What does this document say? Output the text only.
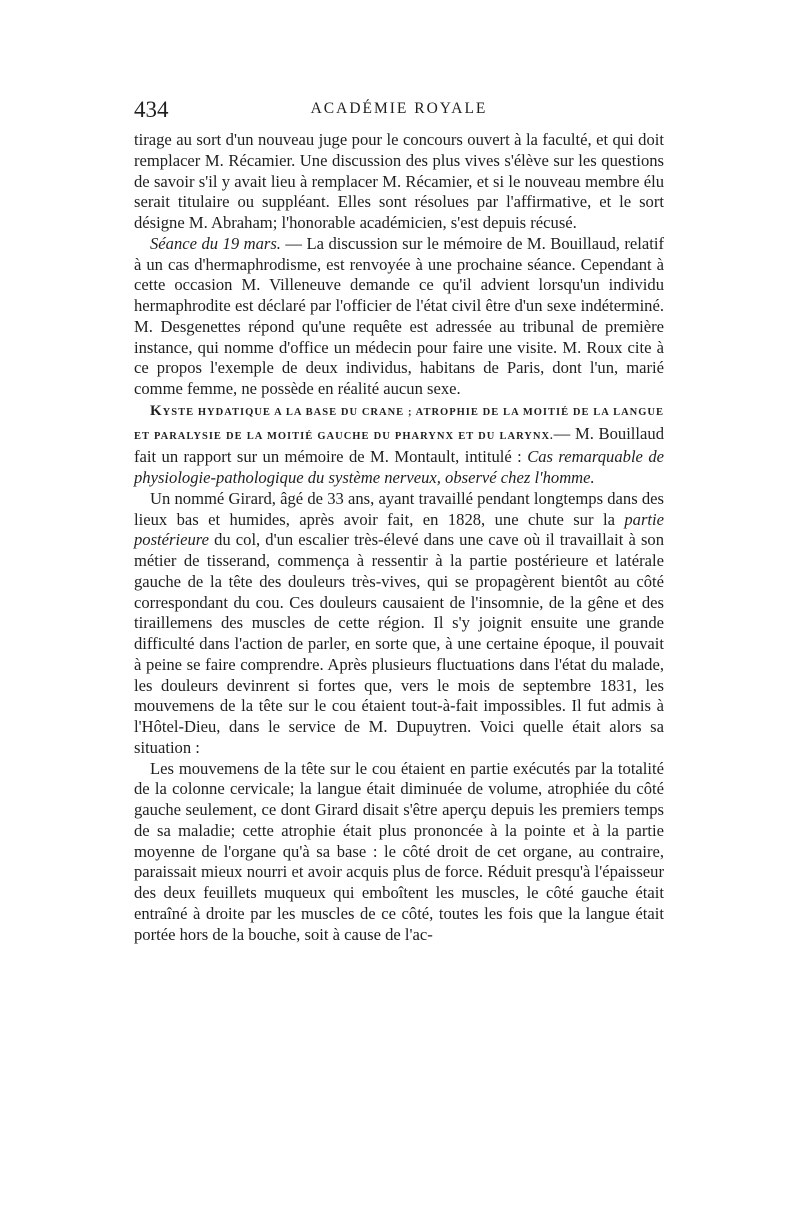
434	ACADÉMIE ROYALE

tirage au sort d'un nouveau juge pour le concours ouvert à la faculté, et qui doit remplacer M. Récamier. Une discussion des plus vives s'élève sur les questions de savoir s'il y avait lieu à remplacer M. Récamier, et si le nouveau membre élu serait titulaire ou suppléant. Elles sont résolues par l'affirmative, et le sort désigne M. Abraham; l'honorable académicien, s'est depuis récusé.

Séance du 19 mars. — La discussion sur le mémoire de M. Bouillaud, relatif à un cas d'hermaphrodisme, est renvoyée à une prochaine séance. Cependant à cette occasion M. Villeneuve demande ce qu'il advient lorsqu'un individu hermaphrodite est déclaré par l'officier de l'état civil être d'un sexe indéterminé. M. Desgenettes répond qu'une requête est adressée au tribunal de première instance, qui nomme d'office un médecin pour faire une visite. M. Roux cite à ce propos l'exemple de deux individus, habitans de Paris, dont l'un, marié comme femme, ne possède en réalité aucun sexe.

KYSTE HYDATIQUE A LA BASE DU CRANE ; ATROPHIE DE LA MOITIÉ DE LA LANGUE ET PARALYSIE DE LA MOITIÉ GAUCHE DU PHARYNX ET DU LARYNX.— M. Bouillaud fait un rapport sur un mémoire de M. Montault, intitulé : Cas remarquable de physiologie-pathologique du système nerveux, observé chez l'homme.

Un nommé Girard, âgé de 33 ans, ayant travaillé pendant longtemps dans des lieux bas et humides, après avoir fait, en 1828, une chute sur la partie postérieure du col, d'un escalier très-élevé dans une cave où il travaillait à son métier de tisserand, commença à ressentir à la partie postérieure et latérale gauche de la tête des douleurs très-vives, qui se propagèrent bientôt au côté correspondant du cou. Ces douleurs causaient de l'insomnie, de la gêne et des tiraillemens des muscles de cette région. Il s'y joignit ensuite une grande difficulté dans l'action de parler, en sorte que, à une certaine époque, il pouvait à peine se faire comprendre. Après plusieurs fluctuations dans l'état du malade, les douleurs devinrent si fortes que, vers le mois de septembre 1831, les mouvemens de la tête sur le cou étaient tout-à-fait impossibles. Il fut admis à l'Hôtel-Dieu, dans le service de M. Dupuytren. Voici quelle était alors sa situation :

Les mouvemens de la tête sur le cou étaient en partie exécutés par la totalité de la colonne cervicale; la langue était diminuée de volume, atrophiée du côté gauche seulement, ce dont Girard disait s'être aperçu depuis les premiers temps de sa maladie; cette atrophie était plus prononcée à la pointe et à la partie moyenne de l'organe qu'à sa base : le côté droit de cet organe, au contraire, paraissait mieux nourri et avoir acquis plus de force. Réduit presqu'à l'épaisseur des deux feuillets muqueux qui emboîtent les muscles, le côté gauche était entraîné à droite par les muscles de ce côté, toutes les fois que la langue était portée hors de la bouche, soit à cause de l'ac-
